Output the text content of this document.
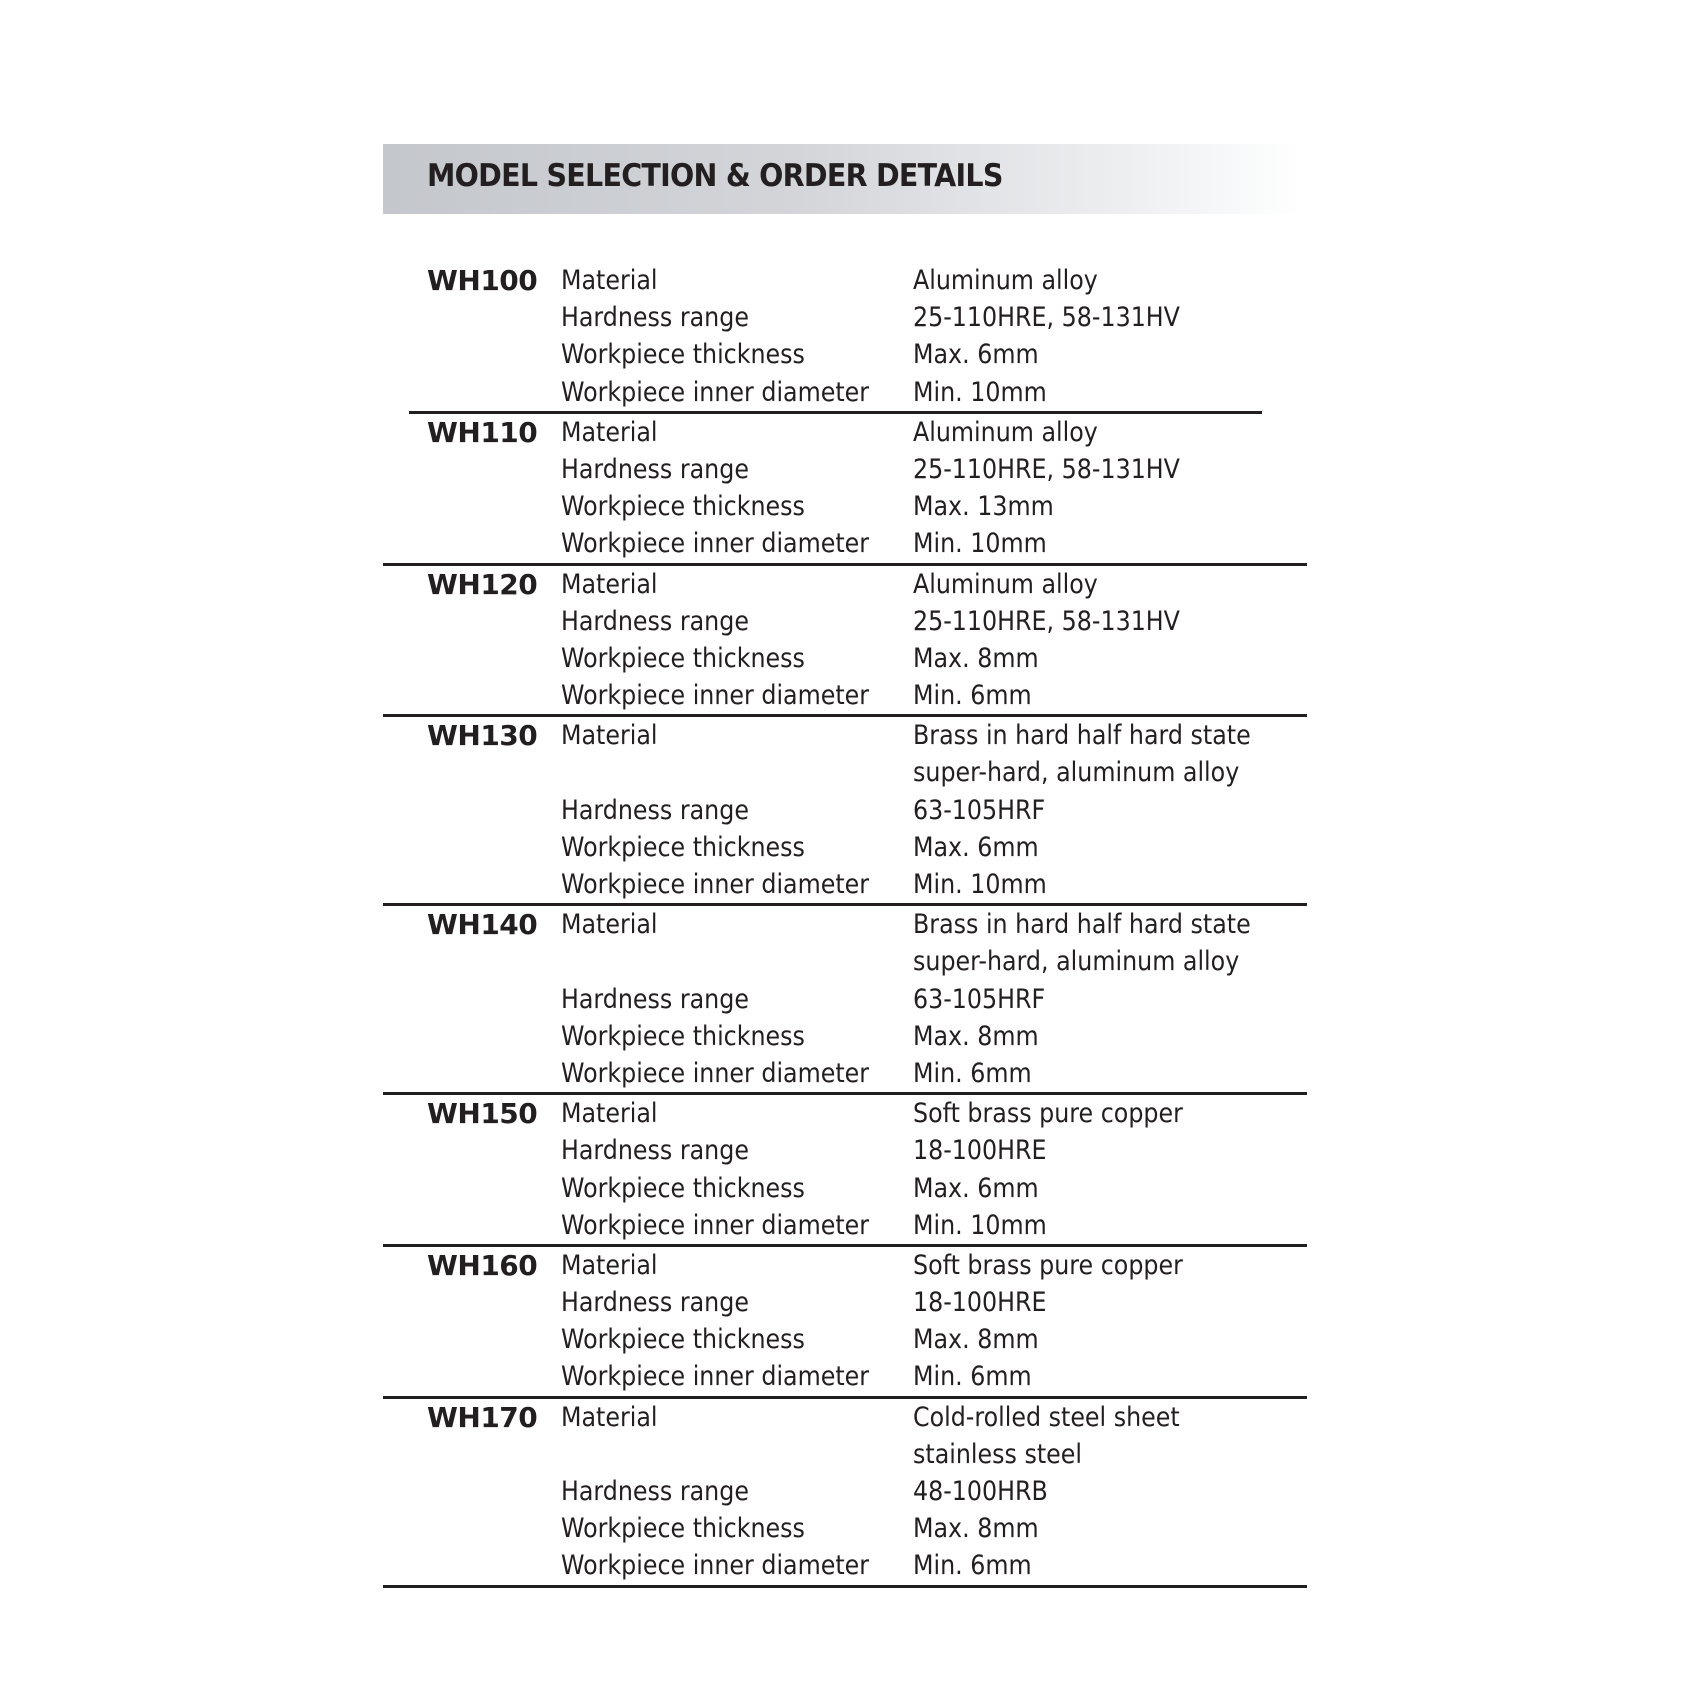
MODEL SELECTION & ORDER DETAILS
WH100 Material	Aluminum alloy
Hardness range	25-110HRE, 58-131HV
Workpiece thickness	Max. 6mm
Workpiece inner diameter Min. 10mm
WH110 Material	Aluminum alloy
Hardness range	25-110HRE, 58-131HV
Workpiece thickness	Max. 13mm
Workpiece inner diameter Min. 10mm
WH120 Material	Aluminum alloy
Hardness range	25-110HRE, 58-131HV
Workpiece thickness	Max. 8mm
Workpiece inner diameter Min. 6mm
WH130 Material	Brass in hard half hard state
super-hard, aluminum alloy
Hardness range	63-105HRF
Workpiece thickness	Max. 6mm
Workpiece inner diameter Min. 10mm
WH140 Material	Brass in hard half hard state
super-hard, aluminum alloy
Hardness range	63-105HRF
Workpiece thickness	Max. 8mm
Workpiece inner diameter Min. 6mm
WH150 Material	Soft brass pure copper
Hardness range	18-100HRE
Workpiece thickness	Max. 6mm
Workpiece inner diameter Min. 10mm
WH160 Material	Soft brass pure copper
Hardness range	18-100HRE
Workpiece thickness	Max. 8mm
Workpiece inner diameter Min. 6mm
WH170 Material	Cold-rolled steel sheet
stainless steel
Hardness range	48-100HRB
Workpiece thickness	Max. 8mm
Workpiece inner diameter Min. 6mm
